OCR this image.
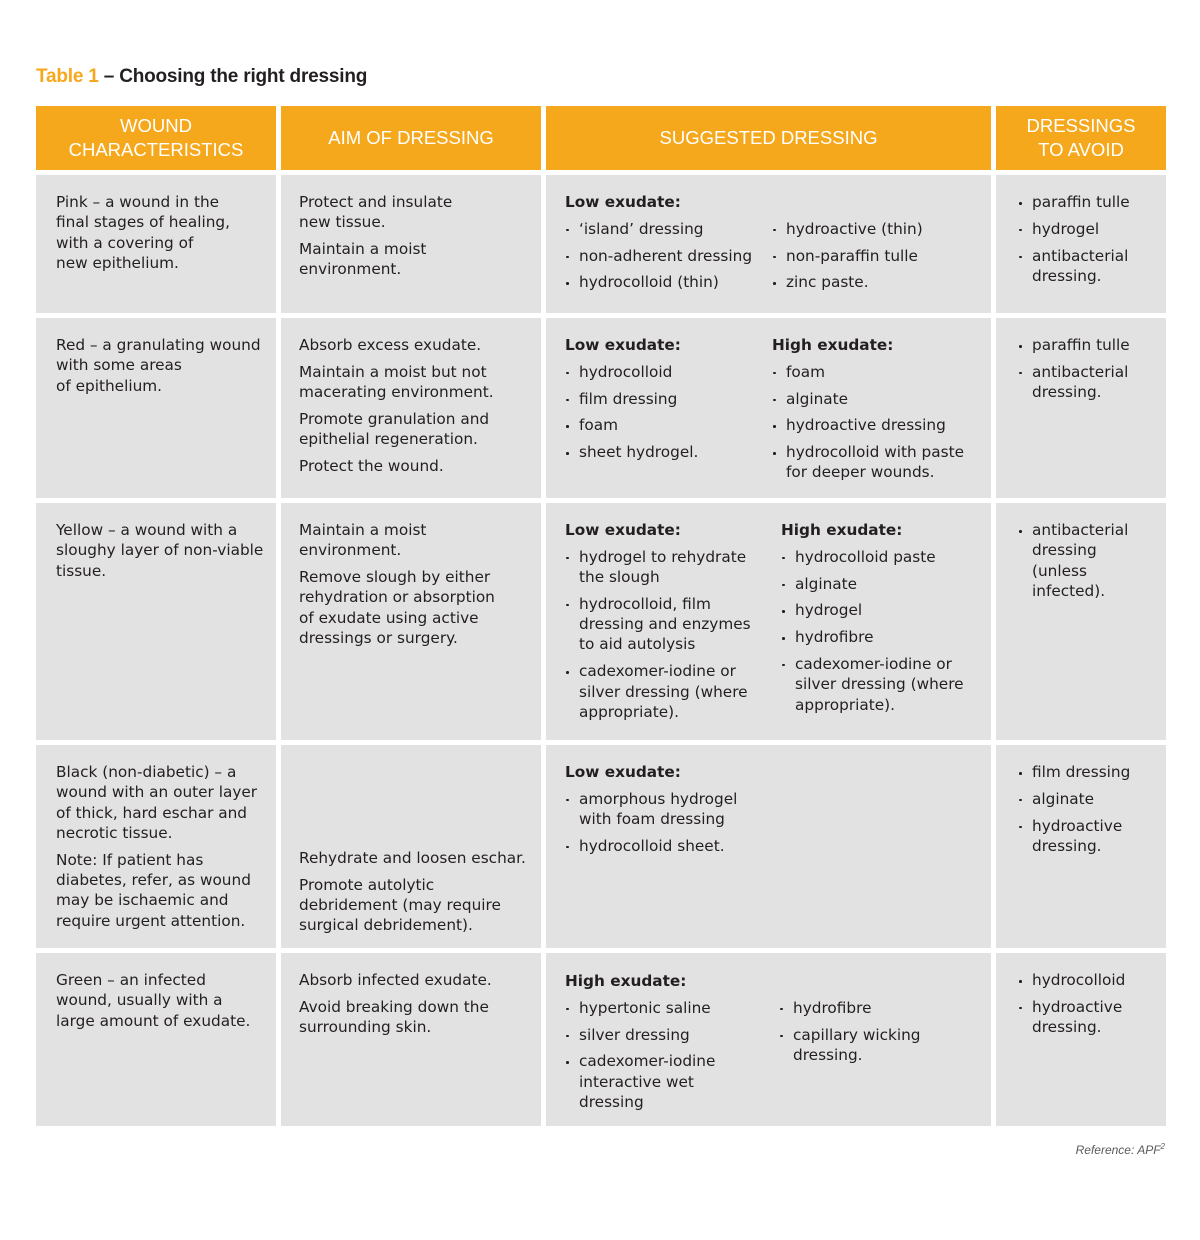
Table 1 – Choosing the right dressing
WOUND
CHARACTERISTICS
AIM OF DRESSING	SUGGESTED DRESSING
DRESSINGS
TO AVOID

Pink – a wound in the
final stages of healing,
with a covering of
new epithelium.

Protect and insulate
new tissue.

Maintain a moist
environment.

Low exudate:
‘island’ dressing
non-adherent dressing
hydrocolloid (thin)
hydroactive (thin)
non-paraffin tulle
zinc paste.
paraffin tulle
hydrogel
antibacterial
dressing.

Red – a granulating wound
with some areas
of epithelium.

Absorb excess exudate.

Maintain a moist but not
macerating environment.

Promote granulation and
epithelial regeneration.

Protect the wound.

Low exudate:
hydrocolloid
film dressing
foam
sheet hydrogel.
High exudate:
foam
alginate
hydroactive dressing
hydrocolloid with paste
for deeper wounds.
paraffin tulle
antibacterial
dressing.

Yellow – a wound with a
sloughy layer of non-viable
tissue.

Maintain a moist
environment.

Remove slough by either
rehydration or absorption
of exudate using active
dressings or surgery.

Low exudate:
hydrogel to rehydrate
the slough
hydrocolloid, film
dressing and enzymes
to aid autolysis
cadexomer-iodine or
silver dressing (where
appropriate).
High exudate:
hydrocolloid paste
alginate
hydrogel
hydrofibre
cadexomer-iodine or
silver dressing (where
appropriate).
antibacterial
dressing
(unless
infected).

Black (non-diabetic) – a
wound with an outer layer
of thick, hard eschar and
necrotic tissue.

Note: If patient has
diabetes, refer, as wound
may be ischaemic and
require urgent attention.

Rehydrate and loosen eschar.

Promote autolytic
debridement (may require
surgical debridement).

Low exudate:
amorphous hydrogel
with foam dressing
hydrocolloid sheet.
film dressing
alginate
hydroactive
dressing.

Green – an infected
wound, usually with a
large amount of exudate.

Absorb infected exudate.

Avoid breaking down the
surrounding skin.

High exudate:
hypertonic saline
silver dressing
cadexomer-iodine
interactive wet
dressing
hydrofibre
capillary wicking
dressing.
hydrocolloid
hydroactive
dressing.
Reference: APF$^2$
